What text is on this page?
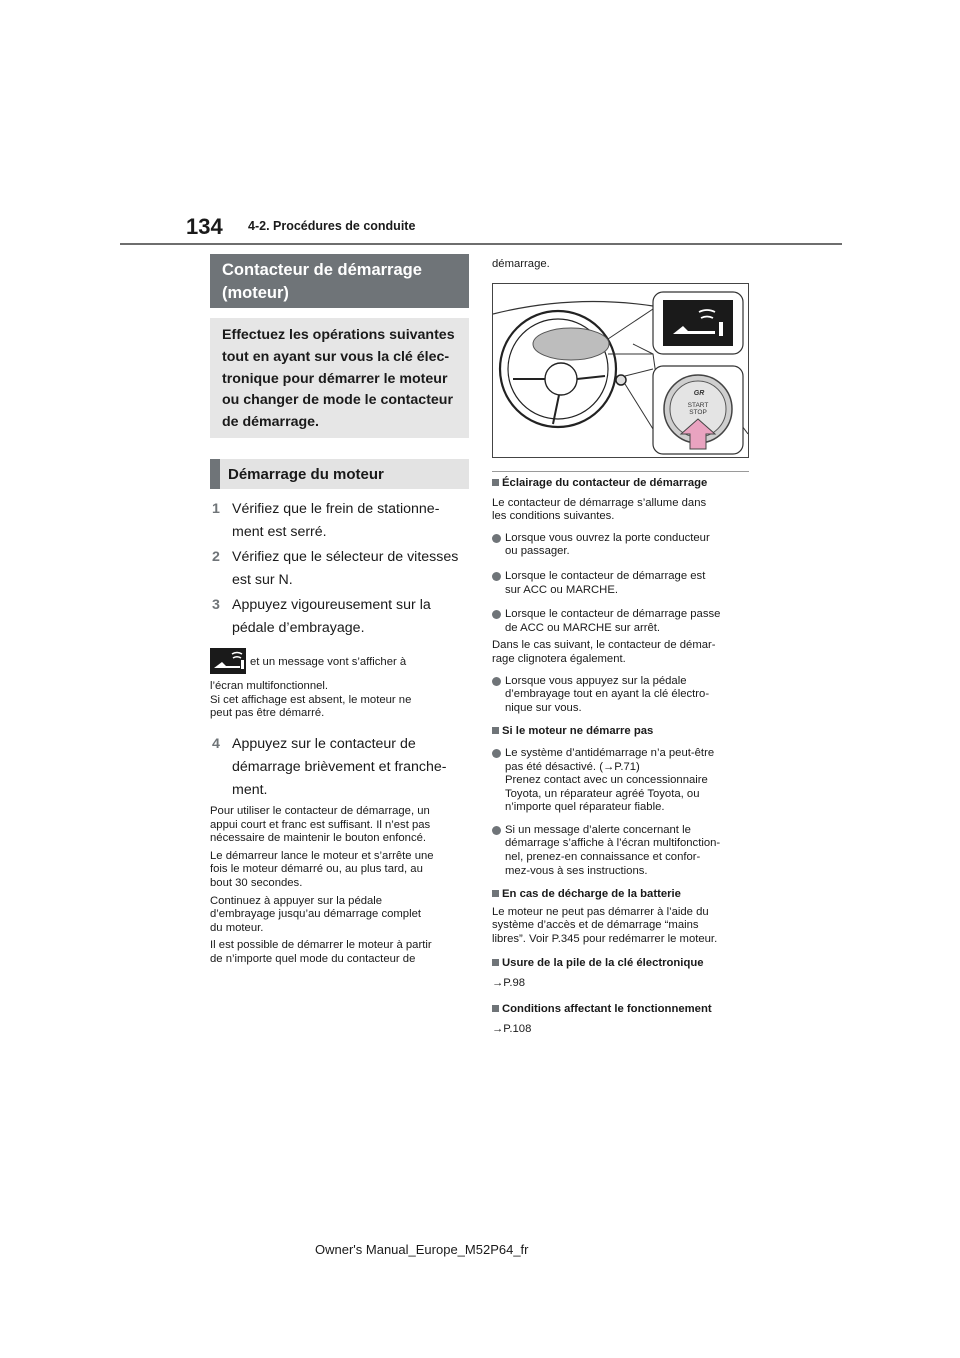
134 4-2. Procédures de conduite
Contacteur de démarrage (moteur)
Effectuez les opérations suivantes
tout en ayant sur vous la clé élec-
tronique pour démarrer le moteur
ou changer de mode le contacteur
de démarrage.
Démarrage du moteur
1 Vérifiez que le frein de stationne-
ment est serré.
2 Vérifiez que le sélecteur de vitesses
est sur N.
3 Appuyez vigoureusement sur la
pédale d’embrayage.
et un message vont s’afficher à
l’écran multifonctionnel.
Si cet affichage est absent, le moteur ne
peut pas être démarré.
4 Appuyez sur le contacteur de
démarrage brièvement et franche-
ment.
Pour utiliser le contacteur de démarrage, un
appui court et franc est suffisant. Il n’est pas
nécessaire de maintenir le bouton enfoncé.
Le démarreur lance le moteur et s’arrête une
fois le moteur démarré ou, au plus tard, au
bout 30 secondes.
Continuez à appuyer sur la pédale
d’embrayage jusqu’au démarrage complet
du moteur.
Il est possible de démarrer le moteur à partir
de n’importe quel mode du contacteur de
démarrage.
GR
START
STOP
Éclairage du contacteur de démarrage
Le contacteur de démarrage s’allume dans
les conditions suivantes.
Lorsque vous ouvrez la porte conducteur
ou passager.
Lorsque le contacteur de démarrage est
sur ACC ou MARCHE.
Lorsque le contacteur de démarrage passe
de ACC ou MARCHE sur arrêt.
Dans le cas suivant, le contacteur de démar-
rage clignotera également.
Lorsque vous appuyez sur la pédale
d’embrayage tout en ayant la clé électro-
nique sur vous.
Si le moteur ne démarre pas
Le système d’antidémarrage n’a peut-être
pas été désactivé. (→P.71)
Prenez contact avec un concessionnaire
Toyota, un réparateur agréé Toyota, ou
n’importe quel réparateur fiable.
Si un message d’alerte concernant le
démarrage s’affiche à l’écran multifonction-
nel, prenez-en connaissance et confor-
mez-vous à ses instructions.
En cas de décharge de la batterie
Le moteur ne peut pas démarrer à l’aide du
système d’accès et de démarrage “mains
libres”. Voir P.345 pour redémarrer le moteur.
Usure de la pile de la clé électronique
→P.98
Conditions affectant le fonctionnement
→P.108
Owner's Manual_Europe_M52P64_fr
